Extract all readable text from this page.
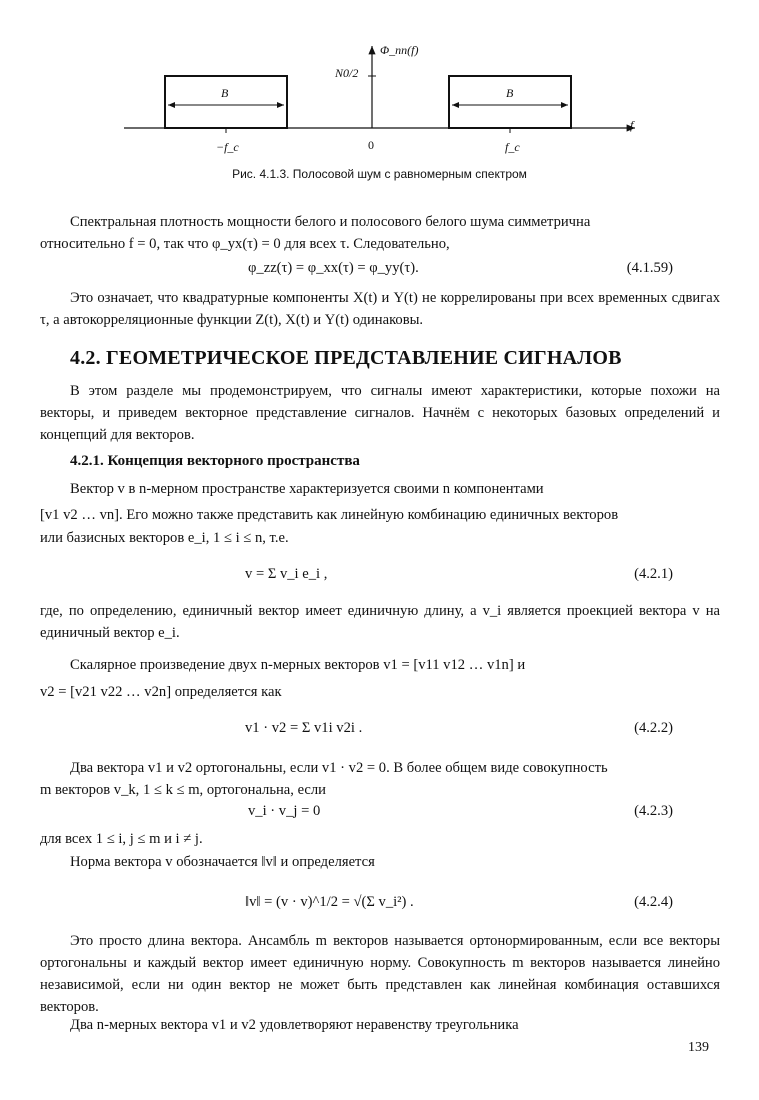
Φ_nn(f)
N0/2
B	B
−f_c	0	f_c
f
Рис. 4.1.3. Полосовой шум с равномерным спектром
Спектральная плотность мощности белого и полосового белого шума симметрична
относительно f = 0, так что φ_yx(τ) = 0 для всех τ. Следовательно,
φ_zz(τ) = φ_xx(τ) = φ_yy(τ).	(4.1.59)
Это означает, что квадратурные компоненты X(t) и Y(t) не коррелированы при всех временных сдвигах τ, а автокорреляционные функции Z(t), X(t) и Y(t) одинаковы.
4.2. ГЕОМЕТРИЧЕСКОЕ ПРЕДСТАВЛЕНИЕ СИГНАЛОВ
В этом разделе мы продемонстрируем, что сигналы имеют характеристики, которые похожи на векторы, и приведем векторное представление сигналов. Начнём с некоторых базовых определений и концепций для векторов.
4.2.1. Концепция векторного пространства
Вектор v в n-мерном пространстве характеризуется своими n компонентами
[v1 v2 … vn]. Его можно также представить как линейную комбинацию единичных векторов
или базисных векторов e_i, 1 ≤ i ≤ n, т.е.
v = Σ v_i e_i ,	(4.2.1)
где, по определению, единичный вектор имеет единичную длину, а v_i является проекцией вектора v на единичный вектор e_i.
Скалярное произведение двух n-мерных векторов v1 = [v11 v12 … v1n] и
v2 = [v21 v22 … v2n] определяется как
v1 · v2 = Σ v1i v2i .	(4.2.2)
Два вектора v1 и v2 ортогональны, если v1 · v2 = 0. В более общем виде совокупность
m векторов v_k, 1 ≤ k ≤ m, ортогональна, если
v_i · v_j = 0	(4.2.3)
для всех 1 ≤ i, j ≤ m и i ≠ j.
Норма вектора v обозначается ‖v‖ и определяется
‖v‖ = (v · v)^1/2 = √(Σ v_i²) .	(4.2.4)
Это просто длина вектора. Ансамбль m векторов называется ортонормированным, если все векторы ортогональны и каждый вектор имеет единичную норму. Совокупность m векторов называется линейно независимой, если ни один вектор не может быть представлен как линейная комбинация оставшихся векторов.
Два n-мерных вектора v1 и v2 удовлетворяют неравенству треугольника
139
